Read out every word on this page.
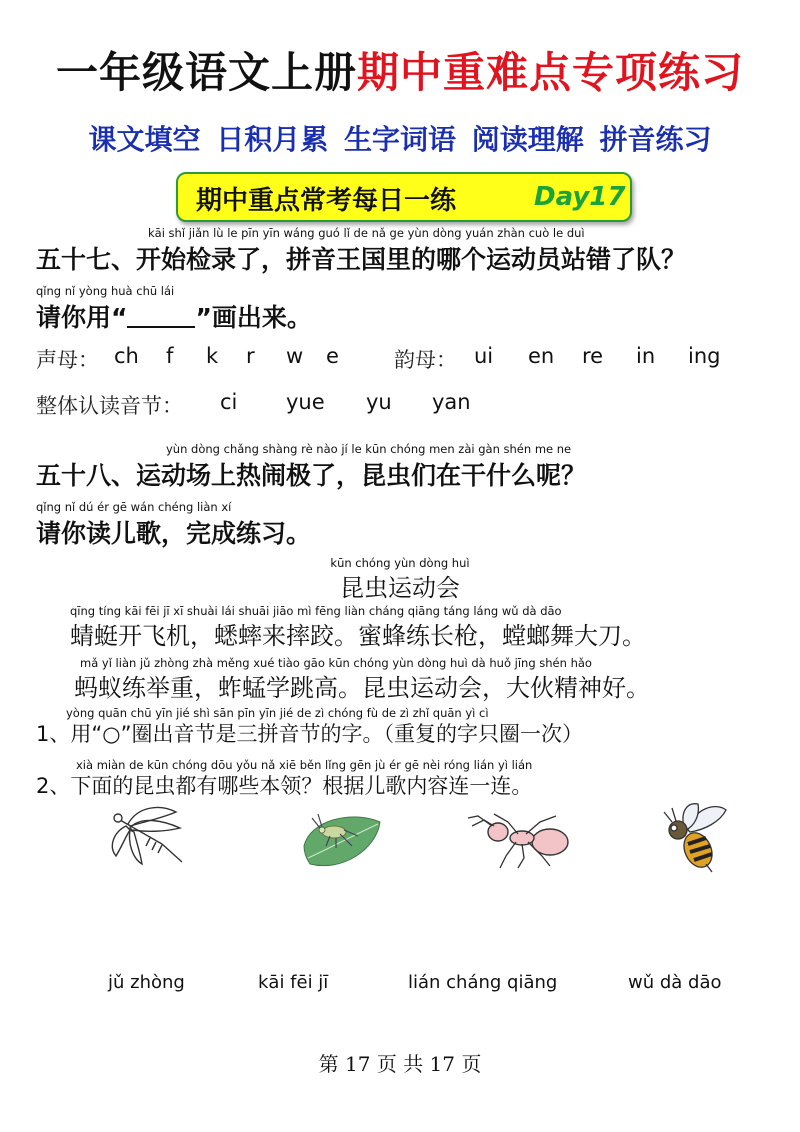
一年级语文上册期中重难点专项练习
课文填空 日积月累 生字词语 阅读理解 拼音练习
期中重点常考每日一练	Day17
kāi shǐ jiǎn lù le pīn yīn wáng guó lǐ de nǎ ge yùn dòng yuán zhàn cuò le duì
五十七、开始检录了，拼音王国里的哪个运动员站错了队？
qǐng nǐ yòng huà chū lái
请你用“	”画出来。
声母： ch f k r w e	韵母： ui en re in ing
整体认读音节： ci yue yu yan
yùn dòng chǎng shàng rè nào jí le kūn chóng men zài gàn shén me ne
五十八、运动场上热闹极了，昆虫们在干什么呢？
qǐng nǐ dú ér gē wán chéng liàn xí
请你读儿歌，完成练习。
kūn chóng yùn dòng huì
昆虫运动会
qīng tíng kāi fēi jī xī shuài lái shuāi jiāo mì fēng liàn cháng qiāng táng láng wǔ dà dāo
蜻蜓开飞机，蟋蟀来摔跤。蜜蜂练长枪，螳螂舞大刀。
mǎ yǐ liàn jǔ zhòng zhà měng xué tiào gāo kūn chóng yùn dòng huì dà huǒ jīng shén hǎo
蚂蚁练举重，蚱蜢学跳高。昆虫运动会，大伙精神好。
yòng quān chū yīn jié shì sān pīn yīn jié de zì chóng fù de zì zhǐ quān yì cì
1、用“○”圈出音节是三拼音节的字。（重复的字只圈一次）
xià miàn de kūn chóng dōu yǒu nǎ xiē běn lǐng gēn jù ér gē nèi róng lián yì lián
2、下面的昆虫都有哪些本领？根据儿歌内容连一连。
jǔ zhòng	kāi fēi jī	lián cháng qiāng	wǔ dà dāo
第 17 页 共 17 页
